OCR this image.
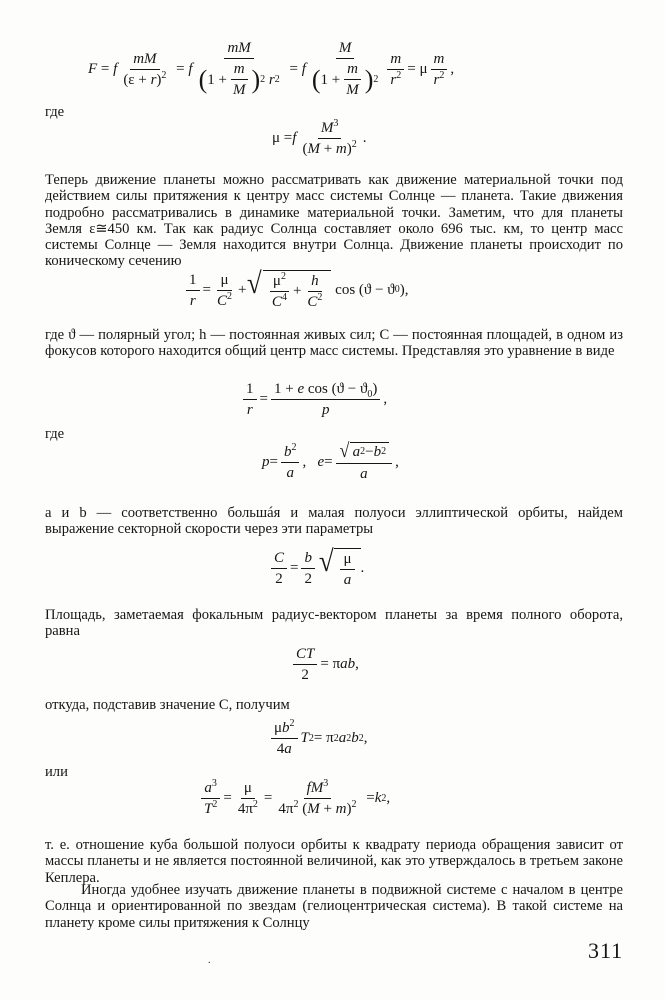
F = f
mM
$(\varepsilon + r)^2 = f$
mM
( 1 +
m
M ) 2
r 2
= f
M
( 1 +
m
M ) 2
m
$r^2 = \mu$
m
$r^2$ ,
где
μ = f
$M^3$
$(M + m)^2$ .
Теперь движение планеты можно рассматривать как движение материальной точки под действием силы притяжения к центру масс системы Солнце — планета. Такие движения подробно рассматривались в динамике материальной точки. Заметим, что для планеты Земля ε≅450 км. Так как радиус Солнца составляет около 696 тыс. км, то центр масс системы Солнце — Земля находится внутри Солнца. Движение планеты происходит по коническому сечению
1
r
=
μ
$C^2$ + √ $\mu^2$
$C^4$ +
h
$C^2$ cos (ϑ − ϑ 0 ),
где ϑ — полярный угол; h — постоянная живых сил; C — постоянная площадей, в одном из фокусов которого находится общий центр масс системы. Представляя это уравнение в виде
1
r
=
1 + e $\cos (ϑ - ϑ_0)$
p
,
где
p =
$b^2$
a
, e = √ a 2 − b 2
a
,
a и b — соответственно большáя и малая полуоси эллиптической орбиты, найдем выражение секторной скорости через эти параметры
C
2
=
b
2
√ μ
a
.
Площадь, заметаемая фокальным радиус-вектором планеты за время полного оборота, равна
CT
2
= π ab ,
откуда, подставив значение C, получим
$\mu b^2$
4a
T 2 = π 2 a 2 b 2 ,
или
$a^3$
$T^2$ =
μ
$4\pi^2$ =
$fM^3$
$4\pi^2$ $(M + m)^2 = k$ 2 ,
т. е. отношение куба большой полуоси орбиты к квадрату периода обращения зависит от массы планеты и не является постоянной величиной, как это утверждалось в третьем законе Кеплера.
Иногда удобнее изучать движение планеты в подвижной системе с началом в центре Солнца и ориентированной по звездам (гелиоцентрическая система). В такой системе на планету кроме силы притяжения к Солнцу
.	311
